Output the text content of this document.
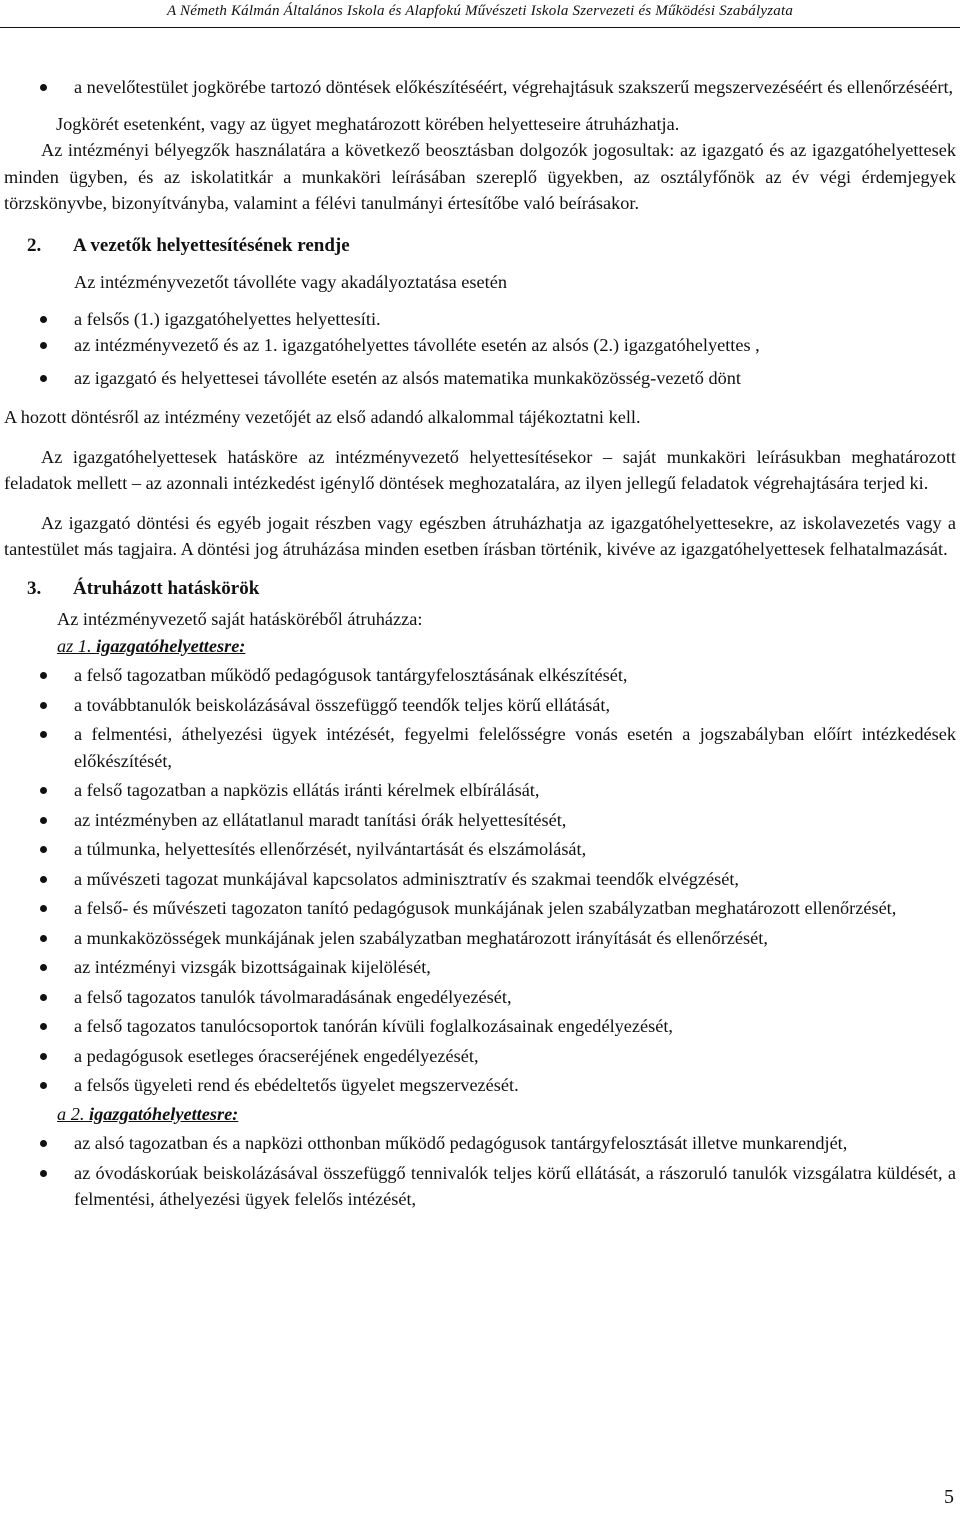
A Németh Kálmán Általános Iskola és Alapfokú Művészeti Iskola Szervezeti és Működési Szabályzata
a nevelőtestület jogkörébe tartozó döntések előkészítéséért, végrehajtásuk szakszerű megszervezéséért és ellenőrzéséért,

Jogkörét esetenként, vagy az ügyet meghatározott körében helyetteseire átruházhatja.

Az intézményi bélyegzők használatára a következő beosztásban dolgozók jogosultak: az igazgató és az igazgatóhelyettesek minden ügyben, és az iskolatitkár a munkaköri leírásában szereplő ügyekben, az osztályfőnök az év végi érdemjegyek törzskönyvbe, bizonyítványba, valamint a félévi tanulmányi értesítőbe való beírásakor.

2. A vezetők helyettesítésének rendje

Az intézményvezetőt távolléte vagy akadályoztatása esetén

a felsős (1.) igazgatóhelyettes helyettesíti.
az intézményvezető és az 1. igazgatóhelyettes távolléte esetén az alsós (2.) igazgatóhelyettes ,
az igazgató és helyettesei távolléte esetén az alsós matematika munkaközösség-vezető dönt

A hozott döntésről az intézmény vezetőjét az első adandó alkalommal tájékoztatni kell.

Az igazgatóhelyettesek hatásköre az intézményvezető helyettesítésekor – saját munkaköri leírásukban meghatározott feladatok mellett – az azonnali intézkedést igénylő döntések meghozatalára, az ilyen jellegű feladatok végrehajtására terjed ki.

Az igazgató döntési és egyéb jogait részben vagy egészben átruházhatja az igazgatóhelyettesekre, az iskolavezetés vagy a tantestület más tagjaira. A döntési jog átruházása minden esetben írásban történik, kivéve az igazgatóhelyettesek felhatalmazását.

3. Átruházott hatáskörök

Az intézményvezető saját hatásköréből átruházza:

az 1. igazgatóhelyettesre:

a felső tagozatban működő pedagógusok tantárgyfelosztásának elkészítését,
a továbbtanulók beiskolázásával összefüggő teendők teljes körű ellátását,
a felmentési, áthelyezési ügyek intézését, fegyelmi felelősségre vonás esetén a jogszabályban előírt intézkedések előkészítését,
a felső tagozatban a napközis ellátás iránti kérelmek elbírálását,
az intézményben az ellátatlanul maradt tanítási órák helyettesítését,
a túlmunka, helyettesítés ellenőrzését, nyilvántartását és elszámolását,
a művészeti tagozat munkájával kapcsolatos adminisztratív és szakmai teendők elvégzését,
a felső- és művészeti tagozaton tanító pedagógusok munkájának jelen szabályzatban meghatározott ellenőrzését,
a munkaközösségek munkájának jelen szabályzatban meghatározott irányítását és ellenőrzését,
az intézményi vizsgák bizottságainak kijelölését,
a felső tagozatos tanulók távolmaradásának engedélyezését,
a felső tagozatos tanulócsoportok tanórán kívüli foglalkozásainak engedélyezését,
a pedagógusok esetleges óracseréjének engedélyezését,
a felsős ügyeleti rend és ebédeltetős ügyelet megszervezését.

a 2. igazgatóhelyettesre:

az alsó tagozatban és a napközi otthonban működő pedagógusok tantárgyfelosztását illetve munkarendjét,
az óvodáskorúak beiskolázásával összefüggő tennivalók teljes körű ellátását, a rászoruló tanulók vizsgálatra küldését, a felmentési, áthelyezési ügyek felelős intézését,
5
